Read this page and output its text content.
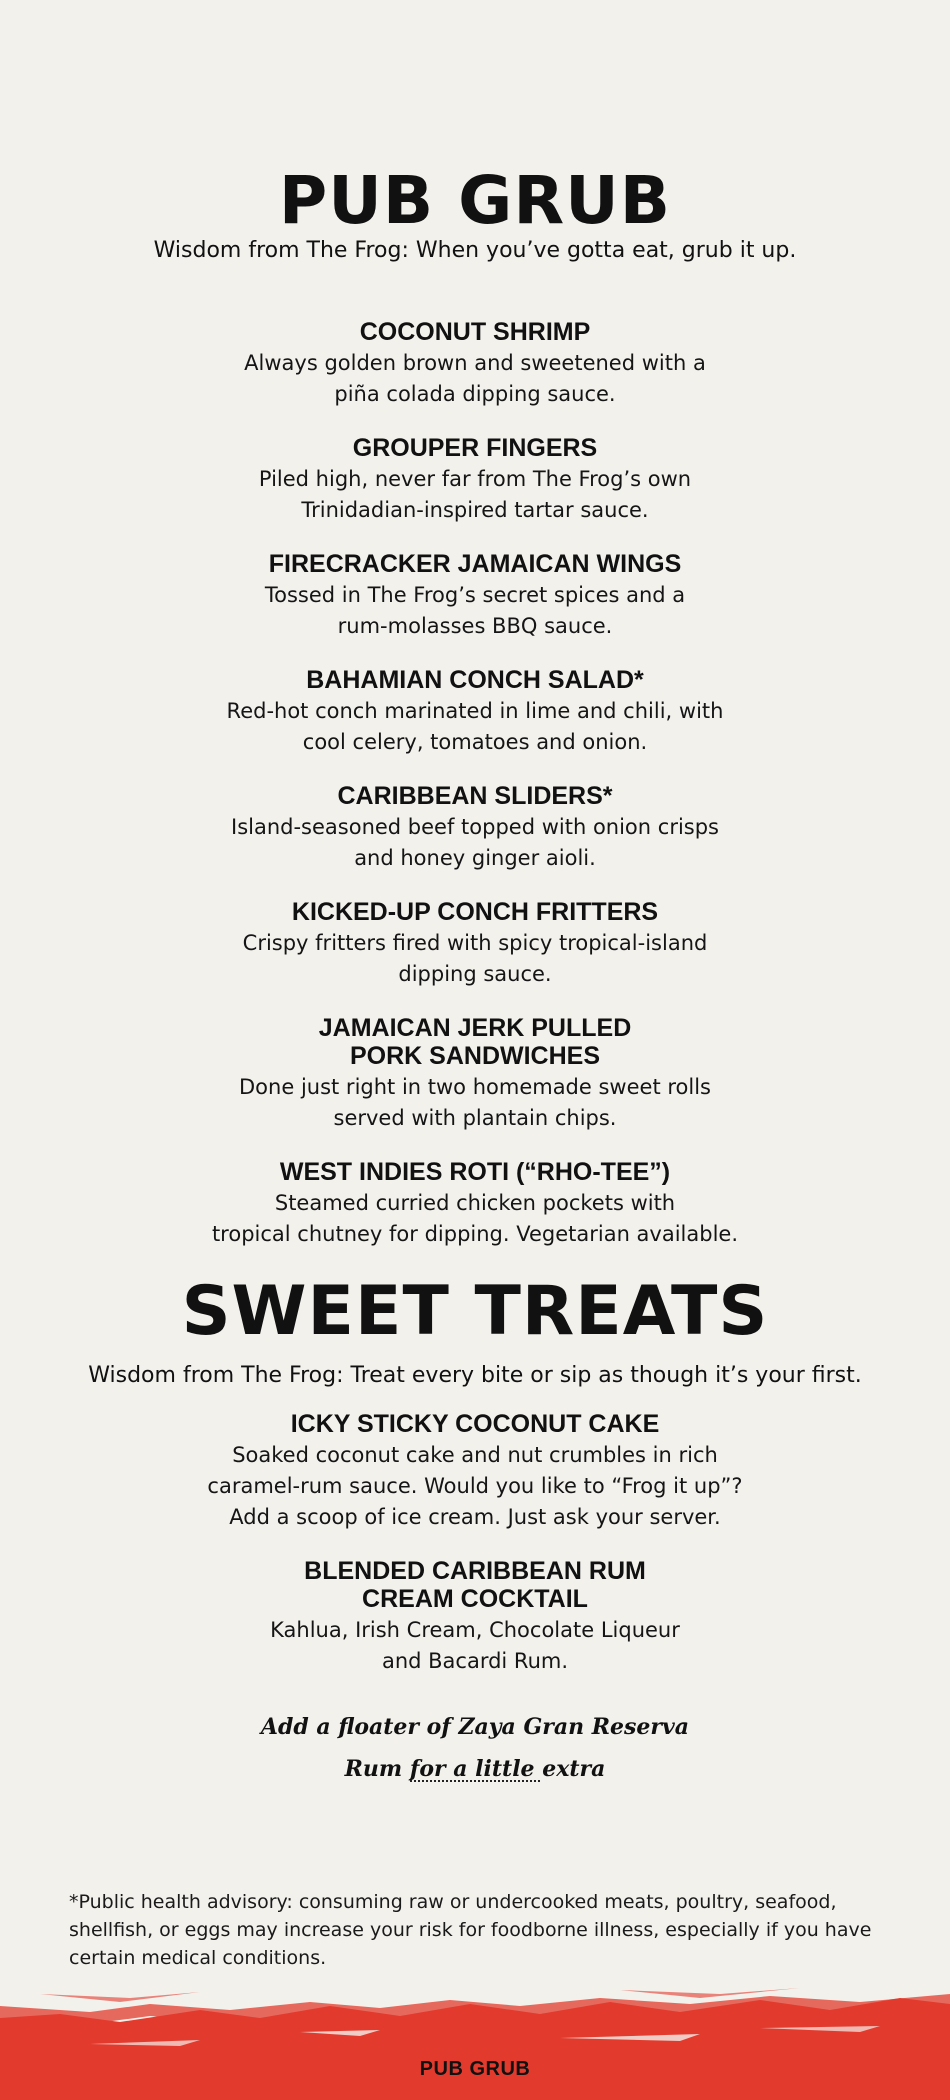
PUB GRUB
Wisdom from The Frog: When you’ve gotta eat, grub it up.

COCONUT SHRIMP

Always golden brown and sweetened with a
piña colada dipping sauce.

GROUPER FINGERS

Piled high, never far from The Frog’s own
Trinidadian-inspired tartar sauce.

FIRECRACKER JAMAICAN WINGS

Tossed in The Frog’s secret spices and a
rum-molasses BBQ sauce.

BAHAMIAN CONCH SALAD*

Red-hot conch marinated in lime and chili, with
cool celery, tomatoes and onion.

CARIBBEAN SLIDERS*

Island-seasoned beef topped with onion crisps
and honey ginger aioli.

KICKED-UP CONCH FRITTERS

Crispy fritters fired with spicy tropical-island
dipping sauce.

JAMAICAN JERK PULLED
PORK SANDWICHES

Done just right in two homemade sweet rolls
served with plantain chips.

WEST INDIES ROTI (“RHO-TEE”)

Steamed curried chicken pockets with
tropical chutney for dipping. Vegetarian available.

SWEET TREATS
Wisdom from The Frog: Treat every bite or sip as though it’s your first.

ICKY STICKY COCONUT CAKE

Soaked coconut cake and nut crumbles in rich
caramel-rum sauce. Would you like to “Frog it up”?
Add a scoop of ice cream. Just ask your server.

BLENDED CARIBBEAN RUM
CREAM COCKTAIL

Kahlua, Irish Cream, Chocolate Liqueur
and Bacardi Rum.

Add a floater of Zaya Gran Reserva
Rum for a little extra
*Public health advisory: consuming raw or undercooked meats, poultry, seafood, shellfish, or eggs may increase your risk for foodborne illness, especially if you have certain medical conditions.
PUB GRUB
